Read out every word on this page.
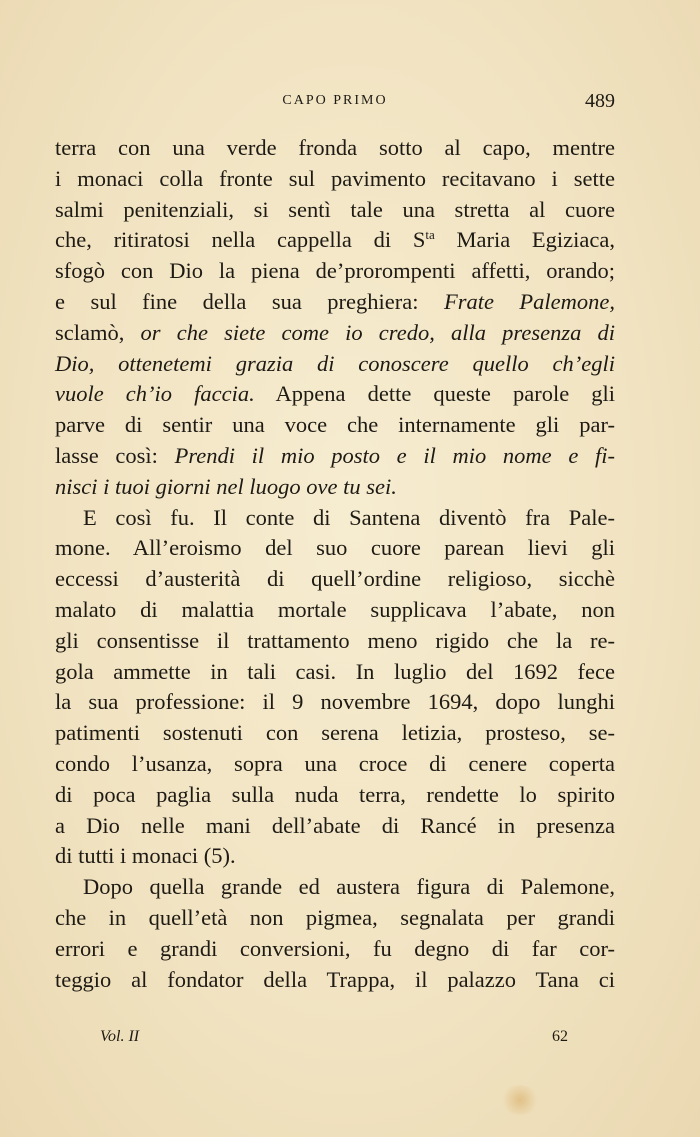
CAPO PRIMO	489
terra con una verde fronda sotto al capo, mentre
i monaci colla fronte sul pavimento recitavano i sette
salmi penitenziali, si sentì tale una stretta al cuore
che, ritiratosi nella cappella di $S^{ta}$ Maria Egiziaca,
sfogò con Dio la piena de’prorompenti affetti, orando;
e sul fine della sua preghiera: Frate Palemone,
sclamò, or che siete come io credo, alla presenza di
Dio, ottenetemi grazia di conoscere quello ch’egli
vuole ch’io faccia. Appena dette queste parole gli
parve di sentir una voce che internamente gli par-
lasse così: Prendi il mio posto e il mio nome e fi-
nisci i tuoi giorni nel luogo ove tu sei.
E così fu. Il conte di Santena diventò fra Pale-
mone. All’eroismo del suo cuore parean lievi gli
eccessi d’austerità di quell’ordine religioso, sicchè
malato di malattia mortale supplicava l’abate, non
gli consentisse il trattamento meno rigido che la re-
gola ammette in tali casi. In luglio del 1692 fece
la sua professione: il 9 novembre 1694, dopo lunghi
patimenti sostenuti con serena letizia, prosteso, se-
condo l’usanza, sopra una croce di cenere coperta
di poca paglia sulla nuda terra, rendette lo spirito
a Dio nelle mani dell’abate di Rancé in presenza
di tutti i monaci (5).
Dopo quella grande ed austera figura di Palemone,
che in quell’età non pigmea, segnalata per grandi
errori e grandi conversioni, fu degno di far cor-
teggio al fondator della Trappa, il palazzo Tana ci
Vol. II	62
